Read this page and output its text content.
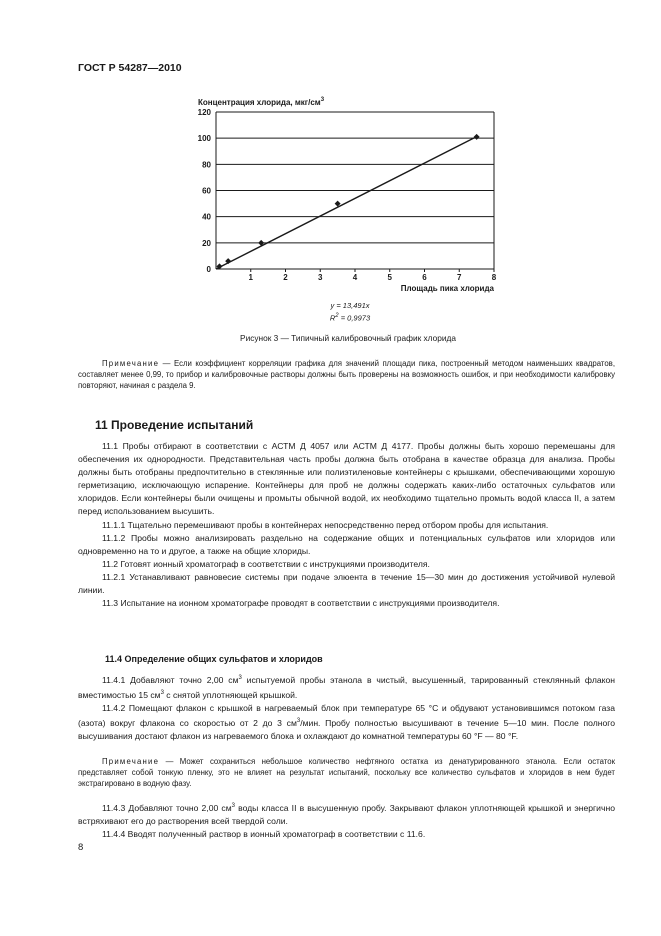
ГОСТ Р 54287—2010
Концентрация хлорида, мкг/$см^3$
0
20
40
60
80
100
120
1	2	3	4	5	6	7	8
Площадь пика хлорида
y = 13,491x
$R^2 = 0,9973$
Рисунок 3 — Типичный калибровочный график хлорида

Примечание — Если коэффициент корреляции графика для значений площади пика, построенный методом наименьших квадратов, составляет менее 0,99, то прибор и калибровочные растворы должны быть проверены на возможность ошибок, и при необходимости калибровку повторяют, начиная с раздела 9.

11 Проведение испытаний

11.1 Пробы отбирают в соответствии с АСТМ Д 4057 или АСТМ Д 4177. Пробы должны быть хорошо перемешаны для обеспечения их однородности. Представительная часть пробы должна быть отобрана в качестве образца для анализа. Пробы должны быть отобраны предпочтительно в стеклянные или полиэтиленовые контейнеры с крышками, обеспечивающими хорошую герметизацию, исключающую испарение. Контейнеры для проб не должны содержать каких-либо остаточных сульфатов или хлоридов. Если контейнеры были очищены и промыты обычной водой, их необходимо тщательно промыть водой класса II, а затем перед использованием высушить.

11.1.1 Тщательно перемешивают пробы в контейнерах непосредственно перед отбором пробы для испытания.

11.1.2 Пробы можно анализировать раздельно на содержание общих и потенциальных сульфатов или хлоридов или одновременно на то и другое, а также на общие хлориды.

11.2 Готовят ионный хроматограф в соответствии с инструкциями производителя.

11.2.1 Устанавливают равновесие системы при подаче элюента в течение 15—30 мин до достижения устойчивой нулевой линии.

11.3 Испытание на ионном хроматографе проводят в соответствии с инструкциями производителя.

11.4 Определение общих сульфатов и хлоридов

11.4.1 Добавляют точно 2,00 $см^3$ испытуемой пробы этанола в чистый, высушенный, тарированный стеклянный флакон вместимостью 15 $см^3$ с снятой уплотняющей крышкой.

11.4.2 Помещают флакон с крышкой в нагреваемый блок при температуре 65 °С и обдувают установившимся потоком газа (азота) вокруг флакона со скоростью от 2 до 3 $см^3$/мин. Пробу полностью высушивают в течение 5—10 мин. После полного высушивания достают флакон из нагреваемого блока и охлаждают до комнатной температуры 60 °F — 80 °F.

Примечание — Может сохраниться небольшое количество нефтяного остатка из денатурированного этанола. Если остаток представляет собой тонкую пленку, это не влияет на результат испытаний, поскольку все количество сульфатов и хлоридов в нем будет экстрагировано в водную фазу.

11.4.3 Добавляют точно 2,00 $см^3$ воды класса II в высушенную пробу. Закрывают флакон уплотняющей крышкой и энергично встряхивают его до растворения всей твердой соли.

11.4.4 Вводят полученный раствор в ионный хроматограф в соответствии с 11.6.

8
